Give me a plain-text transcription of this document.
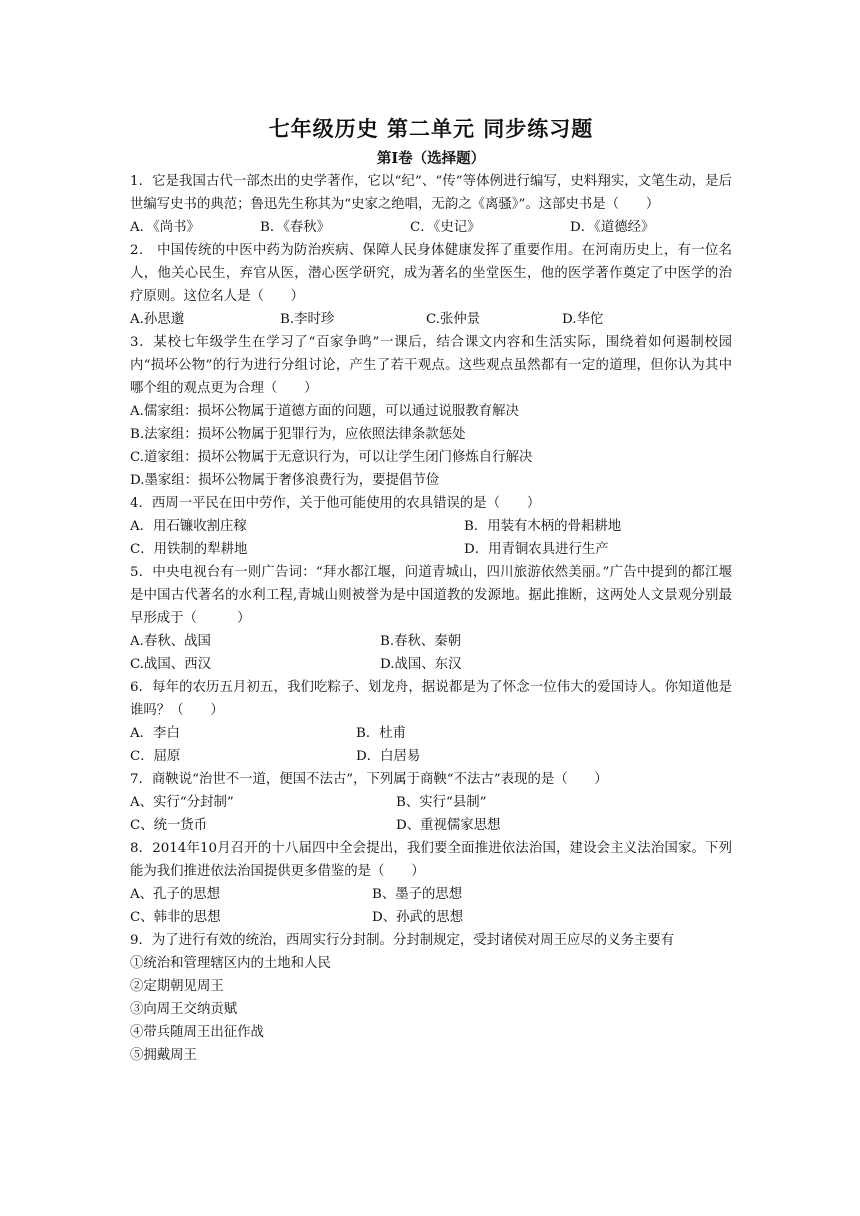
七年级历史 第二单元 同步练习题
第Ⅰ卷（选择题）

1．它是我国古代一部杰出的史学著作，它以“纪”、“传”等体例进行编写，史料翔实，文笔生动，是后世编写史书的典范；鲁迅先生称其为“史家之绝唱，无韵之《离骚》”。这部史书是（　　）

A．《尚书》	B．《春秋》	C．《史记》	D．《道德经》

2． 中国传统的中医中药为防治疾病、保障人民身体健康发挥了重要作用。在河南历史上，有一位名人，他关心民生，弃官从医，潜心医学研究，成为著名的坐堂医生，他的医学著作奠定了中医学的治疗原则。这位名人是（　　）

A.孙思邈	B.李时珍	C.张仲景	D.华佗

3．某校七年级学生在学习了“百家争鸣”一课后，结合课文内容和生活实际，围绕着如何遏制校园内“损坏公物”的行为进行分组讨论，产生了若干观点。这些观点虽然都有一定的道理，但你认为其中哪个组的观点更为合理（　　）

A.儒家组：损坏公物属于道德方面的问题，可以通过说服教育解决
B.法家组：损坏公物属于犯罪行为，应依照法律条款惩处
C.道家组：损坏公物属于无意识行为，可以让学生闭门修炼自行解决
D.墨家组：损坏公物属于奢侈浪费行为，要提倡节俭

4．西周一平民在田中劳作，关于他可能使用的农具错误的是（　　）

A．用石镰收割庄稼	B．用装有木柄的骨耜耕地
C．用铁制的犁耕地	D．用青铜农具进行生产

5．中央电视台有一则广告词：“拜水都江堰，问道青城山，四川旅游依然美丽。”广告中提到的都江堰是中国古代著名的水利工程,青城山则被誉为是中国道教的发源地。据此推断，这两处人文景观分别最早形成于（　　　）

A.春秋、战国	B.春秋、秦朝
C.战国、西汉	D.战国、东汉

6．每年的农历五月初五，我们吃粽子、划龙舟，据说都是为了怀念一位伟大的爱国诗人。你知道他是谁吗？（　　）

A．李白	B．杜甫
C．屈原	D．白居易

7．商鞅说“治世不一道，便国不法古”，下列属于商鞅“不法古”表现的是（　　）

A、实行“分封制”	B、实行“县制”
C、统一货币	D、重视儒家思想

8．2014年10月召开的十八届四中全会提出，我们要全面推进依法治国，建设会主义法治国家。下列能为我们推进依法治国提供更多借鉴的是（　　）

A、孔子的思想	B、墨子的思想
C、韩非的思想	D、孙武的思想

9．为了进行有效的统治，西周实行分封制。分封制规定，受封诸侯对周王应尽的义务主要有

①统治和管理辖区内的土地和人民
②定期朝见周王
③向周王交纳贡赋
④带兵随周王出征作战
⑤拥戴周王
